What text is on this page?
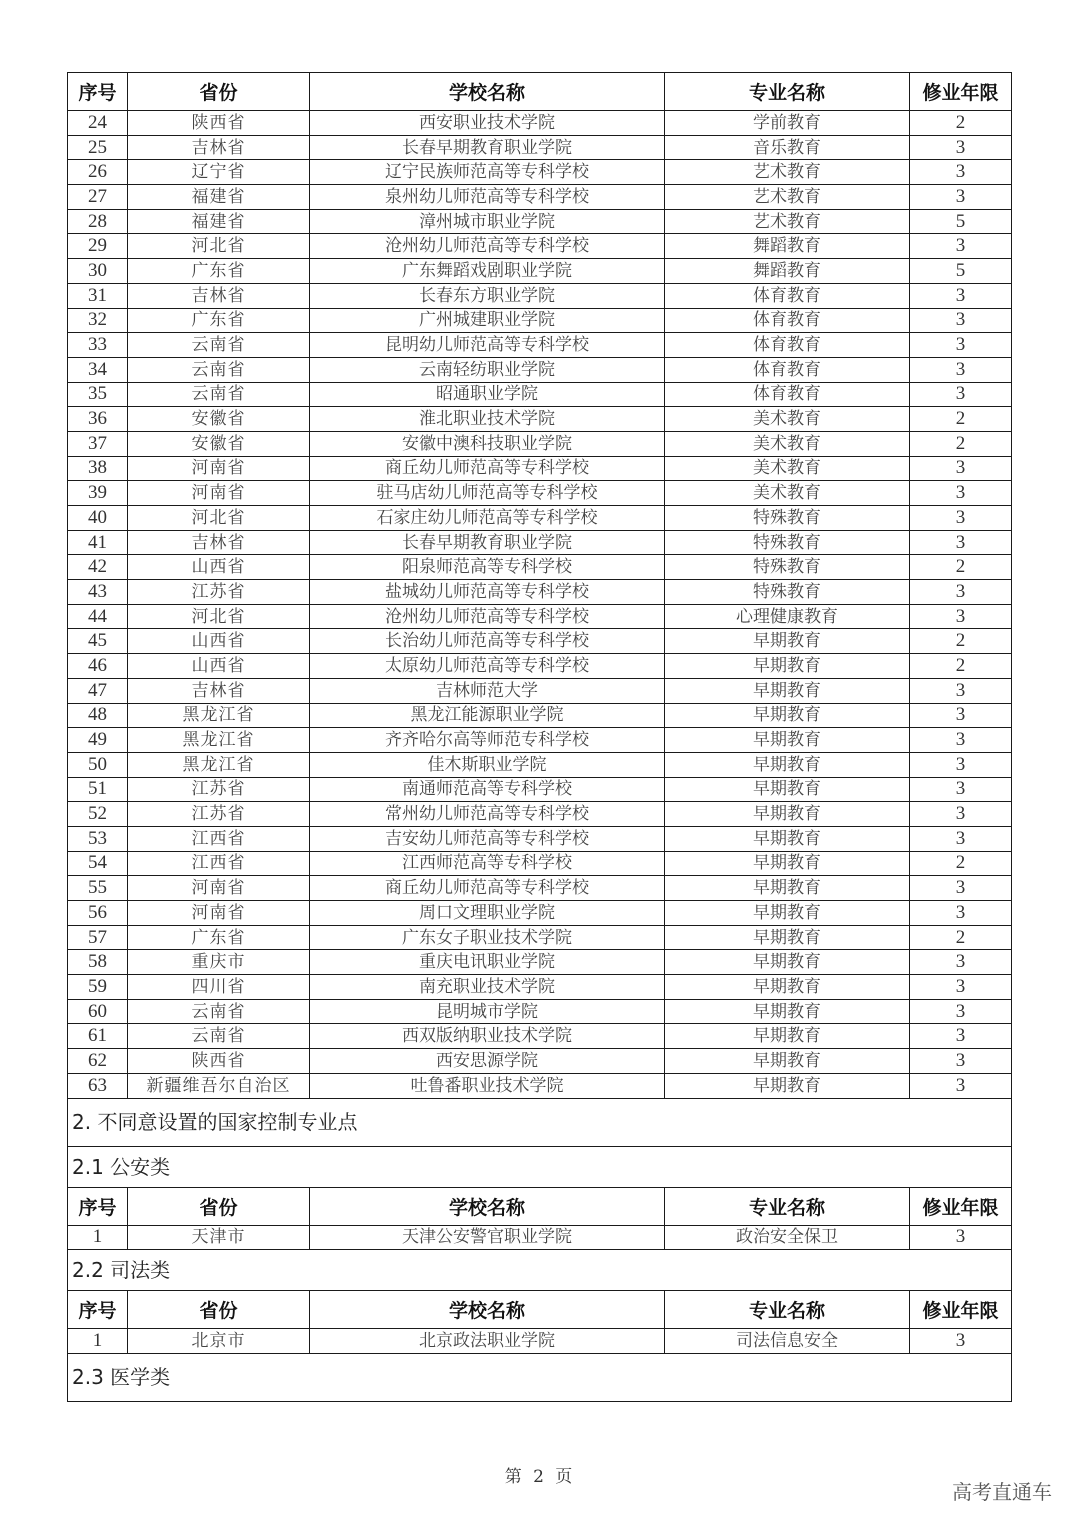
序号	省份	学校名称	专业名称	修业年限
24	陕西省	西安职业技术学院	学前教育	2
25	吉林省	长春早期教育职业学院	音乐教育	3
26	辽宁省	辽宁民族师范高等专科学校	艺术教育	3
27	福建省	泉州幼儿师范高等专科学校	艺术教育	3
28	福建省	漳州城市职业学院	艺术教育	5
29	河北省	沧州幼儿师范高等专科学校	舞蹈教育	3
30	广东省	广东舞蹈戏剧职业学院	舞蹈教育	5
31	吉林省	长春东方职业学院	体育教育	3
32	广东省	广州城建职业学院	体育教育	3
33	云南省	昆明幼儿师范高等专科学校	体育教育	3
34	云南省	云南轻纺职业学院	体育教育	3
35	云南省	昭通职业学院	体育教育	3
36	安徽省	淮北职业技术学院	美术教育	2
37	安徽省	安徽中澳科技职业学院	美术教育	2
38	河南省	商丘幼儿师范高等专科学校	美术教育	3
39	河南省	驻马店幼儿师范高等专科学校	美术教育	3
40	河北省	石家庄幼儿师范高等专科学校	特殊教育	3
41	吉林省	长春早期教育职业学院	特殊教育	3
42	山西省	阳泉师范高等专科学校	特殊教育	2
43	江苏省	盐城幼儿师范高等专科学校	特殊教育	3
44	河北省	沧州幼儿师范高等专科学校	心理健康教育	3
45	山西省	长治幼儿师范高等专科学校	早期教育	2
46	山西省	太原幼儿师范高等专科学校	早期教育	2
47	吉林省	吉林师范大学	早期教育	3
48	黑龙江省	黑龙江能源职业学院	早期教育	3
49	黑龙江省	齐齐哈尔高等师范专科学校	早期教育	3
50	黑龙江省	佳木斯职业学院	早期教育	3
51	江苏省	南通师范高等专科学校	早期教育	3
52	江苏省	常州幼儿师范高等专科学校	早期教育	3
53	江西省	吉安幼儿师范高等专科学校	早期教育	3
54	江西省	江西师范高等专科学校	早期教育	2
55	河南省	商丘幼儿师范高等专科学校	早期教育	3
56	河南省	周口文理职业学院	早期教育	3
57	广东省	广东女子职业技术学院	早期教育	2
58	重庆市	重庆电讯职业学院	早期教育	3
59	四川省	南充职业技术学院	早期教育	3
60	云南省	昆明城市学院	早期教育	3
61	云南省	西双版纳职业技术学院	早期教育	3
62	陕西省	西安思源学院	早期教育	3
63	新疆维吾尔自治区	吐鲁番职业技术学院	早期教育	3
2. 不同意设置的国家控制专业点				
2.1 公安类				
序号	省份	学校名称	专业名称	修业年限
1	天津市	天津公安警官职业学院	政治安全保卫	3
2.2 司法类				
序号	省份	学校名称	专业名称	修业年限
1	北京市	北京政法职业学院	司法信息安全	3
2.3 医学类				
第 2 页
高考直通车
